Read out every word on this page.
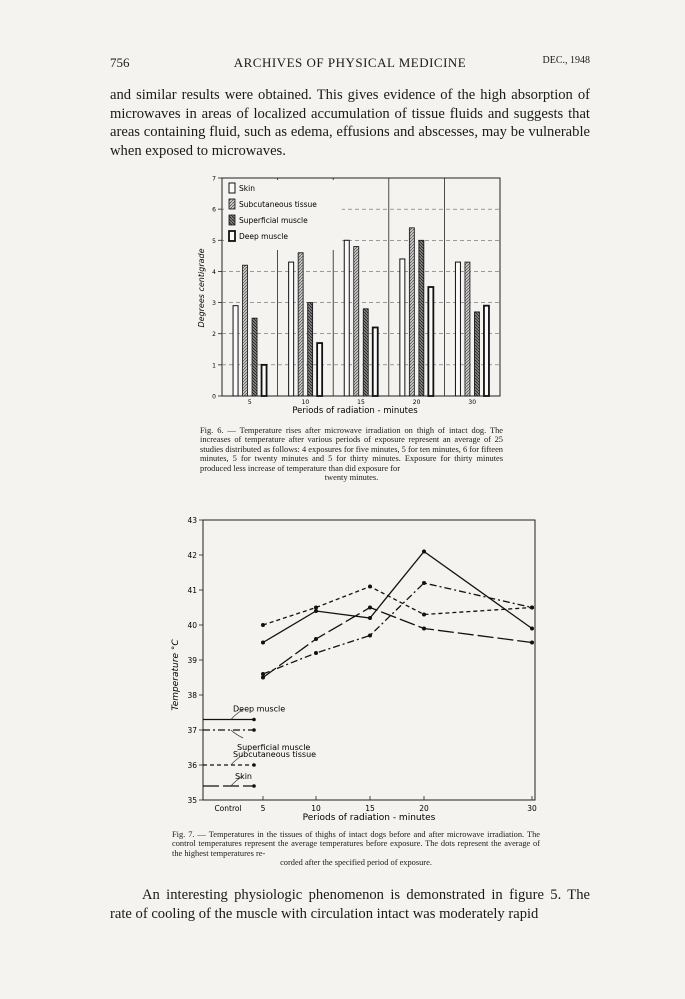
756	ARCHIVES OF PHYSICAL MEDICINE	DEC., 1948
and similar results were obtained. This gives evidence of the high absorption of microwaves in areas of localized accumulation of tissue fluids and suggests that areas containing fluid, such as edema, effusions and abscesses, may be vulnerable when exposed to microwaves.
0
1
2
3
4
5
6
7
5	10	15	20	30
Skin
Subcutaneous tissue
Superficial muscle
Deep muscle
Degrees centigrade
Periods of radiation - minutes
Fig. 6. — Temperature rises after microwave irradiation on thigh of intact dog. The increases of temperature after various periods of exposure represent an average of 25 studies distributed as follows: 4 exposures for five minutes, 5 for ten minutes, 6 for fifteen minutes, 5 for twenty minutes and 5 for thirty minutes. Exposure for thirty minutes produced less increase of temperature than did exposure for
twenty minutes.
35
36
37
38
39
40
41
42
43
Control	5	10	15	20	30
Deep muscle
Superficial muscle
Subcutaneous tissue
Skin
Temperature °C
Periods of radiation - minutes
Fig. 7. — Temperatures in the tissues of thighs of intact dogs before and after microwave irradiation. The control temperatures represent the average temperatures before exposure. The dots represent the average of the highest temperatures re-
corded after the specified period of exposure.
An interesting physiologic phenomenon is demonstrated in figure 5. The rate of cooling of the muscle with circulation intact was moderately rapid
